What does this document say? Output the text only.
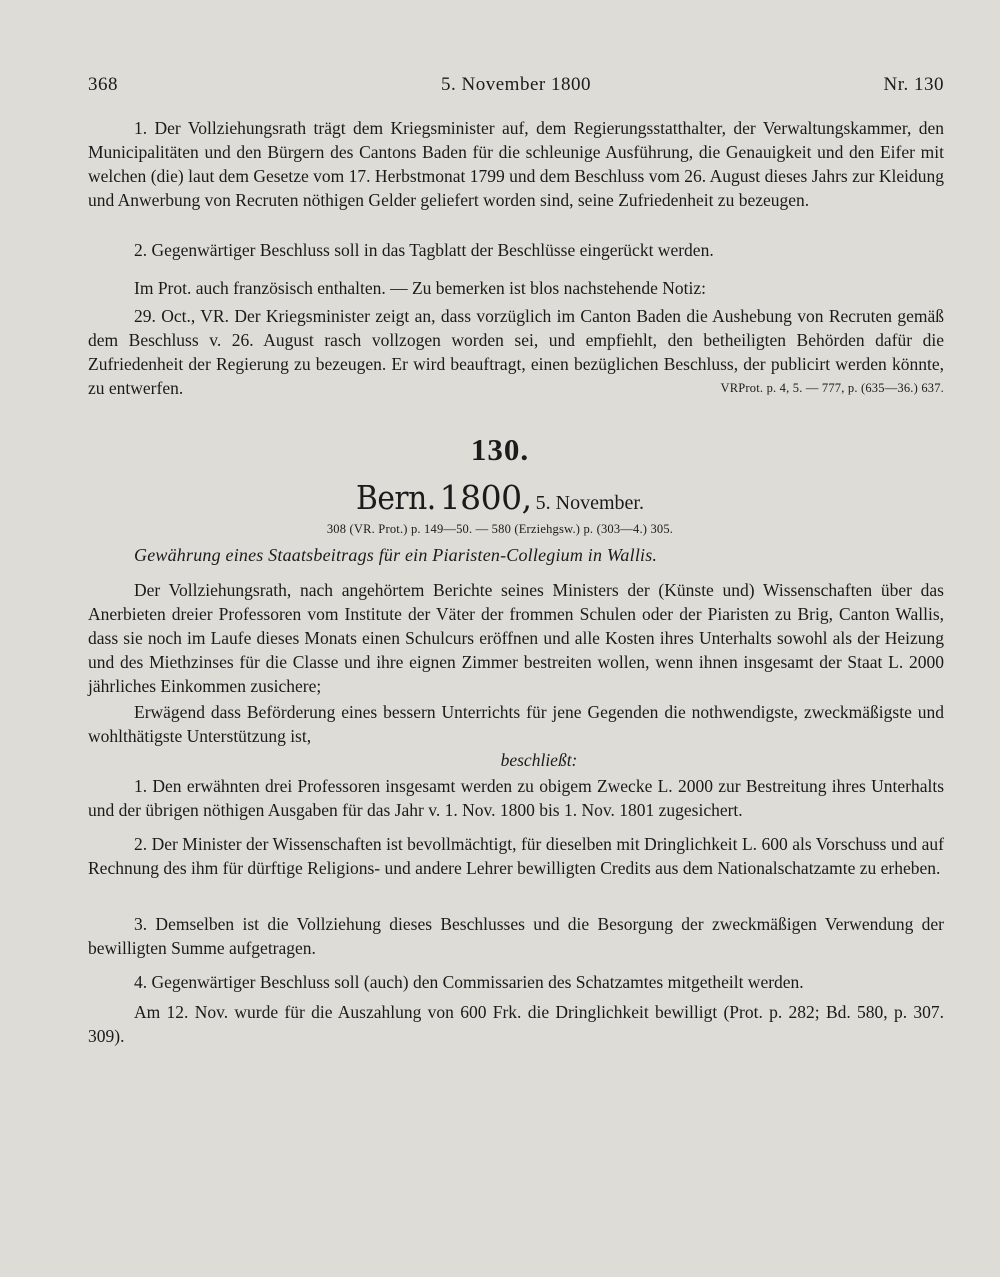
368	5. November 1800	Nr. 130

1. Der Vollziehungsrath trägt dem Kriegsminister auf, dem Regierungsstatthalter, der Verwaltungskammer, den Municipalitäten und den Bürgern des Cantons Baden für die schleunige Ausführung, die Genauigkeit und den Eifer mit welchen (die) laut dem Gesetze vom 17. Herbstmonat 1799 und dem Beschluss vom 26. August dieses Jahrs zur Kleidung und Anwerbung von Recruten nöthigen Gelder geliefert worden sind, seine Zufriedenheit zu bezeugen.

2. Gegenwärtiger Beschluss soll in das Tagblatt der Beschlüsse eingerückt werden.

Im Prot. auch französisch enthalten. — Zu bemerken ist blos nachstehende Notiz:

29. Oct., VR. Der Kriegsminister zeigt an, dass vorzüglich im Canton Baden die Aushebung von Recruten gemäß dem Beschluss v. 26. August rasch vollzogen worden sei, und empfiehlt, den betheiligten Behörden dafür die Zufriedenheit der Regierung zu bezeugen. Er wird beauftragt, einen bezüglichen Beschluss, der publicirt werden könnte, zu entwerfen.	VRProt. p. 4, 5. — 777, p. (635—36.) 637.

130.
Bern. 1800, 5. November.
308 (VR. Prot.) p. 149—50. — 580 (Erziehgsw.) p. (303—4.) 305.
Gewährung eines Staatsbeitrags für ein Piaristen-Collegium in Wallis.

Der Vollziehungsrath, nach angehörtem Berichte seines Ministers der (Künste und) Wissenschaften über das Anerbieten dreier Professoren vom Institute der Väter der frommen Schulen oder der Piaristen zu Brig, Canton Wallis, dass sie noch im Laufe dieses Monats einen Schulcurs eröffnen und alle Kosten ihres Unterhalts sowohl als der Heizung und des Miethzinses für die Classe und ihre eignen Zimmer bestreiten wollen, wenn ihnen insgesamt der Staat L. 2000 jährliches Einkommen zusichere;

Erwägend dass Beförderung eines bessern Unterrichts für jene Gegenden die nothwendigste, zweckmäßigste und wohlthätigste Unterstützung ist,

beschließt:

1. Den erwähnten drei Professoren insgesamt werden zu obigem Zwecke L. 2000 zur Bestreitung ihres Unterhalts und der übrigen nöthigen Ausgaben für das Jahr v. 1. Nov. 1800 bis 1. Nov. 1801 zugesichert.

2. Der Minister der Wissenschaften ist bevollmächtigt, für dieselben mit Dringlichkeit L. 600 als Vorschuss und auf Rechnung des ihm für dürftige Religions- und andere Lehrer bewilligten Credits aus dem Nationalschatzamte zu erheben.

3. Demselben ist die Vollziehung dieses Beschlusses und die Besorgung der zweckmäßigen Verwendung der bewilligten Summe aufgetragen.

4. Gegenwärtiger Beschluss soll (auch) den Commissarien des Schatzamtes mitgetheilt werden.

Am 12. Nov. wurde für die Auszahlung von 600 Frk. die Dringlichkeit bewilligt (Prot. p. 282; Bd. 580, p. 307. 309).
